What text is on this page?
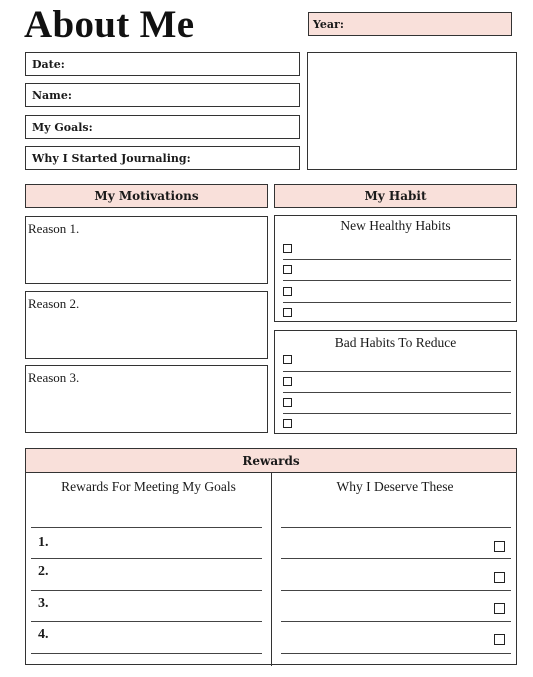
About Me	Year:
Date:
Name:
My Goals:
Why I Started Journaling:
My Motivations
Reason 1.
Reason 2.
Reason 3.
My Habit
New Healthy Habits
Bad Habits To Reduce
Rewards
Rewards For Meeting My Goals	Why I Deserve These
1.
2.
3.
4.
